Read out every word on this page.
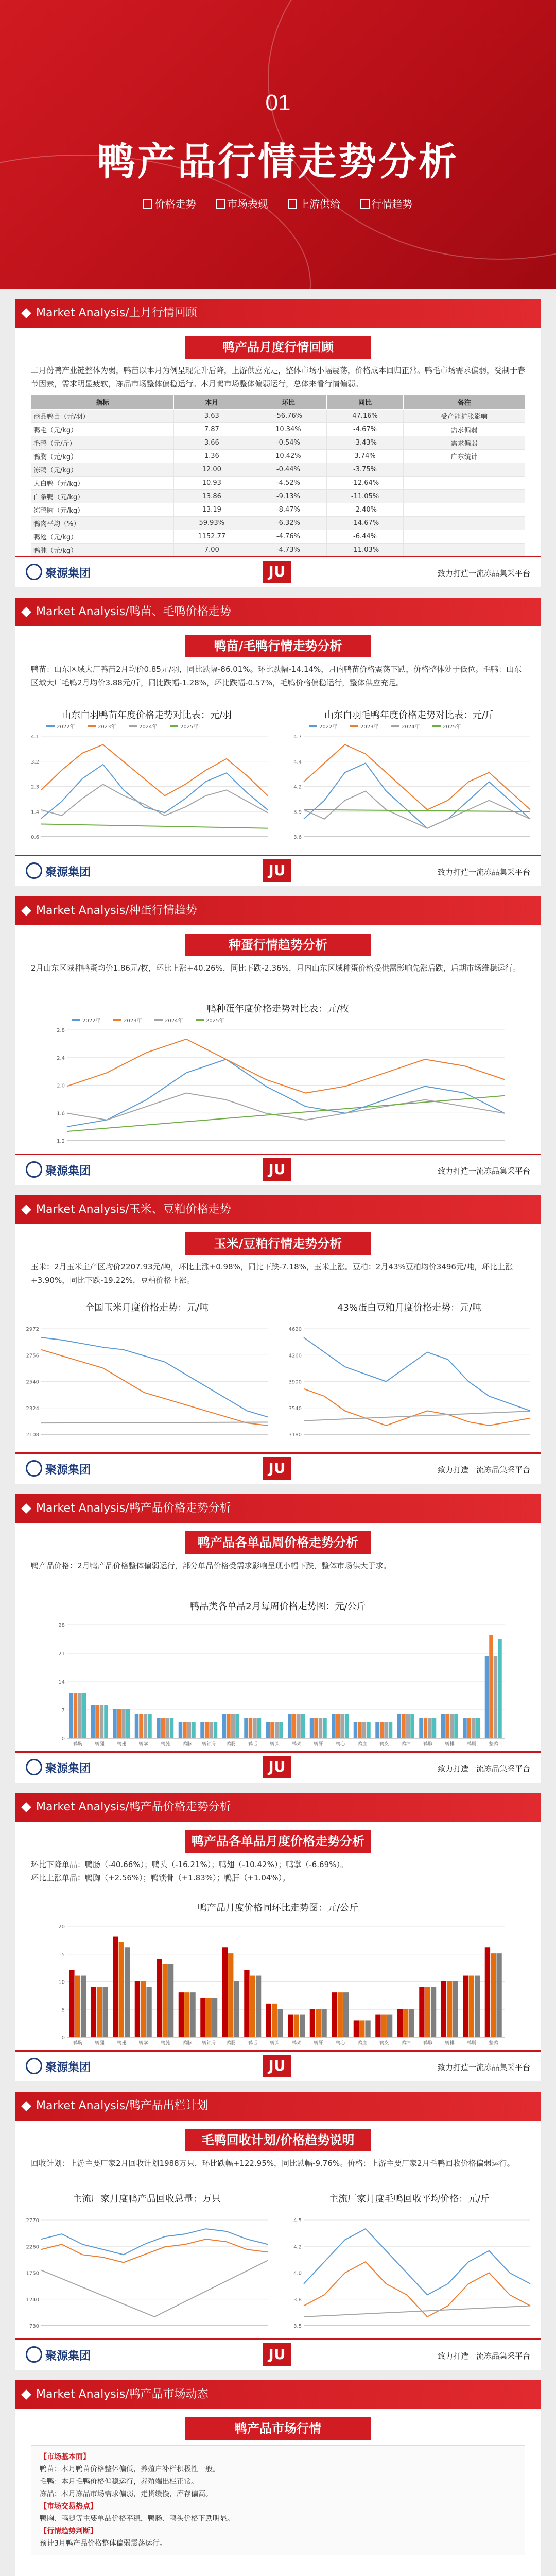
01
鸭产品行情走势分析
价格走势	市场表现	上游供给	行情趋势
Market Analysis/上月行情回顾
鸭产品月度行情回顾
二月份鸭产业链整体为弱，鸭苗以本月为例呈现先升后降，上游供应充足，整体市场小幅震荡，价格成本回归正常。鸭毛市场需求偏弱，受制于春节因素，需求明显疲软，冻品市场整体偏稳运行。本月鸭市场整体偏弱运行，总体来看行情偏弱。
指标	本月	环比	同比	备注
商品鸭苗（元/羽）	3.63	-56.76%	47.16%	受产能扩张影响
鸭毛（元/kg）	7.87	10.34%	-4.67%	需求偏弱
毛鸭（元/斤）	3.66	-0.54%	-3.43%	需求偏弱
鸭胸（元/kg）	1.36	10.42%	3.74%	广东统计
冻鸭（元/kg）	12.00	-0.44%	-3.75%	
大白鸭（元/kg）	10.93	-4.52%	-12.64%	
白条鸭（元/kg）	13.86	-9.13%	-11.05%	
冻鸭胸（元/kg）	13.19	-8.47%	-2.40%	
鸭肉平均（%）	59.93%	-6.32%	-14.67%	
鸭翅（元/kg）	1152.77	-4.76%	-6.44%	
鸭肫（元/kg）	7.00	-4.73%	-11.03%	
聚源集团	JU	致力打造一流冻品集采平台
Market Analysis/鸭苗、毛鸭价格走势
鸭苗/毛鸭行情走势分析
鸭苗：山东区域大厂鸭苗2月均价0.85元/羽，同比跌幅-86.01%。环比跌幅-14.14%，月内鸭苗价格震荡下跌，价格整体处于低位。毛鸭：山东区域大厂毛鸭2月均价3.88元/斤，同比跌幅-1.28%，环比跌幅-0.57%，毛鸭价格偏稳运行，整体供应充足。
山东白羽鸭苗年度价格走势对比表：元/羽
4.1
3.2
2.3
1.4
0.6
2022年	2023年	2024年	2025年
山东白羽毛鸭年度价格走势对比表：元/斤
4.7
4.4
4.2
3.9
3.6
2022年	2023年	2024年	2025年
聚源集团	JU	致力打造一流冻品集采平台
Market Analysis/种蛋行情趋势
种蛋行情趋势分析
2月山东区域种鸭蛋均价1.86元/枚，环比上涨+40.26%，同比下跌-2.36%，月内山东区域种蛋价格受供需影响先涨后跌，后期市场维稳运行。
鸭种蛋年度价格走势对比表：元/枚
2.8
2.4
2.0
1.6
1.2
2022年	2023年	2024年	2025年
聚源集团	JU	致力打造一流冻品集采平台
Market Analysis/玉米、豆粕价格走势
玉米/豆粕行情走势分析
玉米：2月玉米主产区均价2207.93元/吨，环比上涨+0.98%，同比下跌-7.18%，玉米上涨。豆粕：2月43%豆粕均价3496元/吨，环比上涨+3.90%，同比下跌-19.22%，豆粕价格上涨。
全国玉米月度价格走势：元/吨
2972
2756
2540
2324
2108
43%蛋白豆粕月度价格走势：元/吨
4620
4260
3900
3540
3180
聚源集团	JU	致力打造一流冻品集采平台
Market Analysis/鸭产品价格走势分析
鸭产品各单品周价格走势分析
鸭产品价格：2月鸭产品价格整体偏弱运行，部分单品价格受需求影响呈现小幅下跌，整体市场供大于求。
鸭品类各单品2月每周价格走势图：元/公斤
28
21
14
7
0
鸭胸	鸭腿	鸭翅	鸭掌	鸭肫	鸭脖 鸭锁骨 鸭肠	鸭舌	鸭头	鸭架	鸭肝	鸭心	鸭血	鸭皮	鸭油	鸭胗	鸭排	鸭脯	整鸭
聚源集团	JU	致力打造一流冻品集采平台
Market Analysis/鸭产品价格走势分析
鸭产品各单品月度价格走势分析
环比下降单品：鸭肠（-40.66%）；鸭头（-16.21%）；鸭翅（-10.42%）；鸭掌（-6.69%）。
环比上涨单品：鸭胸（+2.56%）；鸭锁骨（+1.83%）；鸭肝（+1.04%）。
鸭产品月度价格同环比走势图：元/公斤
20
15
10
5
0
鸭胸	鸭腿	鸭翅	鸭掌	鸭肫	鸭脖 鸭锁骨 鸭肠	鸭舌	鸭头	鸭架	鸭肝	鸭心	鸭血	鸭皮	鸭油	鸭胗	鸭排	鸭脯	整鸭
聚源集团	JU	致力打造一流冻品集采平台
Market Analysis/鸭产品出栏计划
毛鸭回收计划/价格趋势说明
回收计划：上游主要厂家2月回收计划1988万只，环比跌幅+122.95%，同比跌幅-9.76%。价格：上游主要厂家2月毛鸭回收价格偏弱运行。
主流厂家月度鸭产品回收总量：万只
2770
2260
1750
1240
730
主流厂家月度毛鸭回收平均价格：元/斤
4.5
4.2
4.0
3.8
3.5
聚源集团	JU	致力打造一流冻品集采平台
Market Analysis/鸭产品市场动态
鸭产品市场行情
【市场基本面】
鸭苗：本月鸭苗价格整体偏低，养殖户补栏积极性一般。
毛鸭：本月毛鸭价格偏稳运行，养殖端出栏正常。
冻品：本月冻品市场需求偏弱，走货缓慢，库存偏高。
【市场交易热点】
鸭胸、鸭腿等主要单品价格平稳，鸭肠、鸭头价格下跌明显。
【行情趋势判断】
预计3月鸭产品价格整体偏弱震荡运行。
